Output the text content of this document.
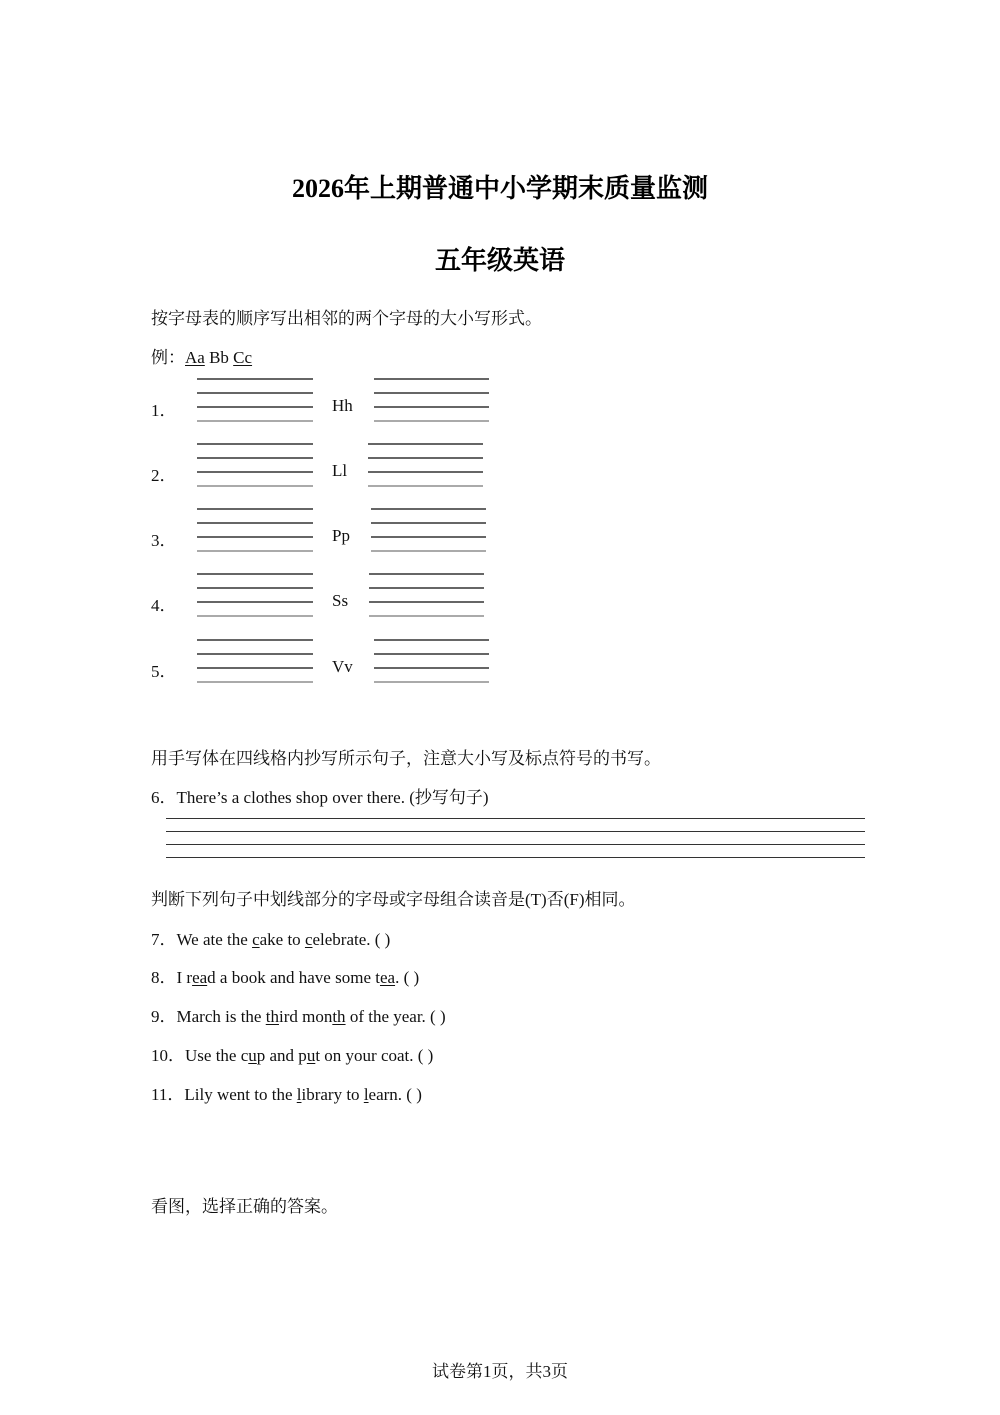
2026年上期普通中小学期末质量监测
五年级英语
按字母表的顺序写出相邻的两个字母的大小写形式。
例：Aa Bb Cc
1．	Hh
2．	Ll
3．	Pp
4．	Ss
5．	Vv
用手写体在四线格内抄写所示句子，注意大小写及标点符号的书写。
6．There’s a clothes shop over there. (抄写句子)
判断下列句子中划线部分的字母或字母组合读音是(T)否(F)相同。
7．We ate the cake to celebrate. ( )
8．I read a book and have some tea. ( )
9．March is the third month of the year. ( )
10．Use the cup and put on your coat. ( )
11．Lily went to the library to learn. ( )
看图，选择正确的答案。
试卷第1页，共3页
